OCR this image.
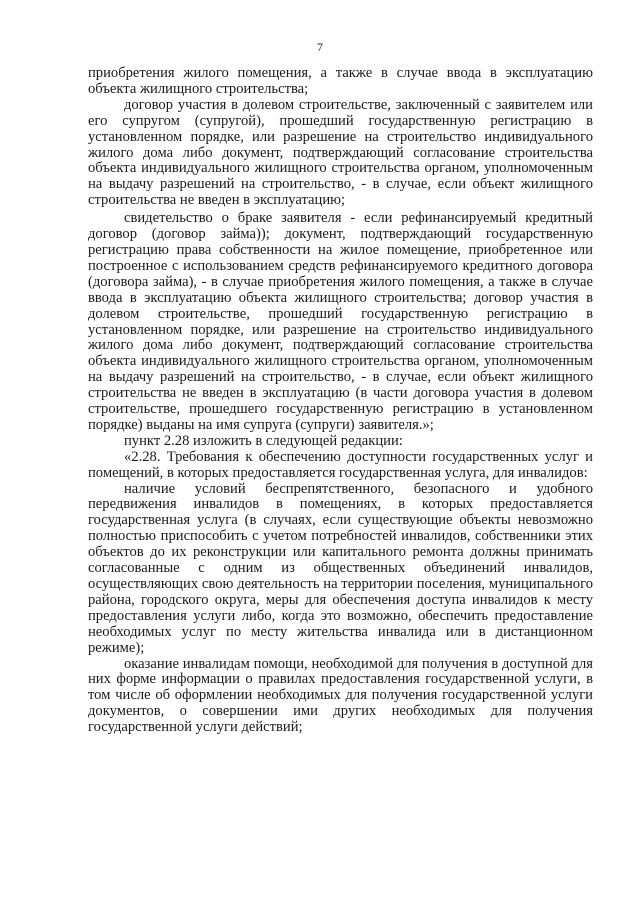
7

приобретения жилого помещения, а также в случае ввода в эксплуатацию объекта жилищного строительства;

договор участия в долевом строительстве, заключенный с заявителем или его супругом (супругой), прошедший государственную регистрацию в установленном порядке, или разрешение на строительство индивидуального жилого дома либо документ, подтверждающий согласование строительства объекта индивидуального жилищного строительства органом, уполномоченным на выдачу разрешений на строительство, - в случае, если объект жилищного строительства не введен в эксплуатацию;

свидетельство о браке заявителя - если рефинансируемый кредитный договор (договор займа)); документ, подтверждающий государственную регистрацию права собственности на жилое помещение, приобретенное или построенное с использованием средств рефинансируемого кредитного договора (договора займа), - в случае приобретения жилого помещения, а также в случае ввода в эксплуатацию объекта жилищного строительства; договор участия в долевом строительстве, прошедший государственную регистрацию в установленном порядке, или разрешение на строительство индивидуального жилого дома либо документ, подтверждающий согласование строительства объекта индивидуального жилищного строительства органом, уполномоченным на выдачу разрешений на строительство, - в случае, если объект жилищного строительства не введен в эксплуатацию (в части договора участия в долевом строительстве, прошедшего государственную регистрацию в установленном порядке) выданы на имя супруга (супруги) заявителя.»;

пункт 2.28 изложить в следующей редакции:

«2.28. Требования к обеспечению доступности государственных услуг и помещений, в которых предоставляется государственная услуга, для инвалидов:

наличие условий беспрепятственного, безопасного и удобного передвижения инвалидов в помещениях, в которых предоставляется государственная услуга (в случаях, если существующие объекты невозможно полностью приспособить с учетом потребностей инвалидов, собственники этих объектов до их реконструкции или капитального ремонта должны принимать согласованные с одним из общественных объединений инвалидов, осуществляющих свою деятельность на территории поселения, муниципального района, городского округа, меры для обеспечения доступа инвалидов к месту предоставления услуги либо, когда это возможно, обеспечить предоставление необходимых услуг по месту жительства инвалида или в дистанционном режиме);

оказание инвалидам помощи, необходимой для получения в доступной для них форме информации о правилах предоставления государственной услуги, в том числе об оформлении необходимых для получения государственной услуги документов, о совершении ими других необходимых для получения государственной услуги действий;
